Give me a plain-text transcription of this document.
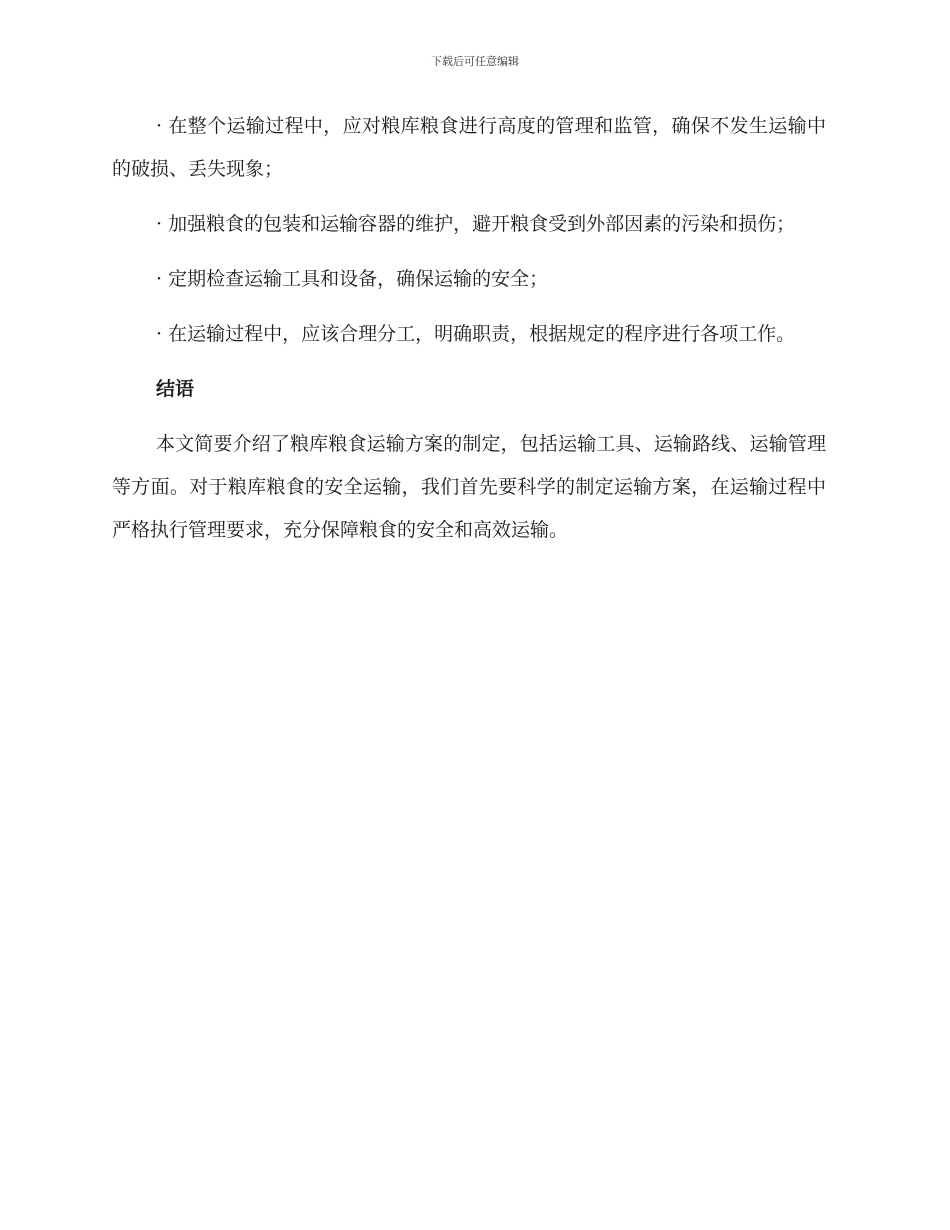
下载后可任意编辑

· 在整个运输过程中，应对粮库粮食进行高度的管理和监管，确保不发生运输中的破损、丢失现象；

· 加强粮食的包装和运输容器的维护，避开粮食受到外部因素的污染和损伤；

· 定期检查运输工具和设备，确保运输的安全；

· 在运输过程中，应该合理分工，明确职责，根据规定的程序进行各项工作。

结语

本文简要介绍了粮库粮食运输方案的制定，包括运输工具、运输路线、运输管理等方面。对于粮库粮食的安全运输，我们首先要科学的制定运输方案，在运输过程中严格执行管理要求，充分保障粮食的安全和高效运输。
